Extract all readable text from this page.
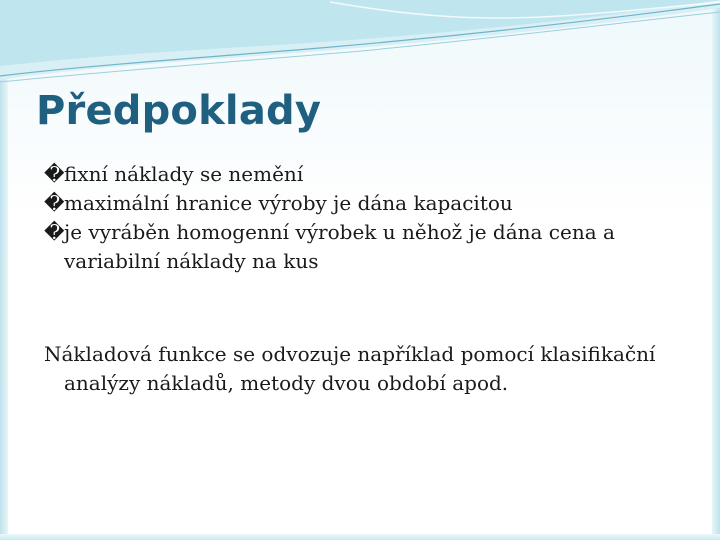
Předpoklady
�fixní náklady se nemění
�maximální hranice výroby je dána kapacitou
�je vyráběn homogenní výrobek u něhož je dána cena a variabilní náklady na kus

Nákladová funkce se odvozuje například pomocí klasifikační analýzy nákladů, metody dvou období apod.
